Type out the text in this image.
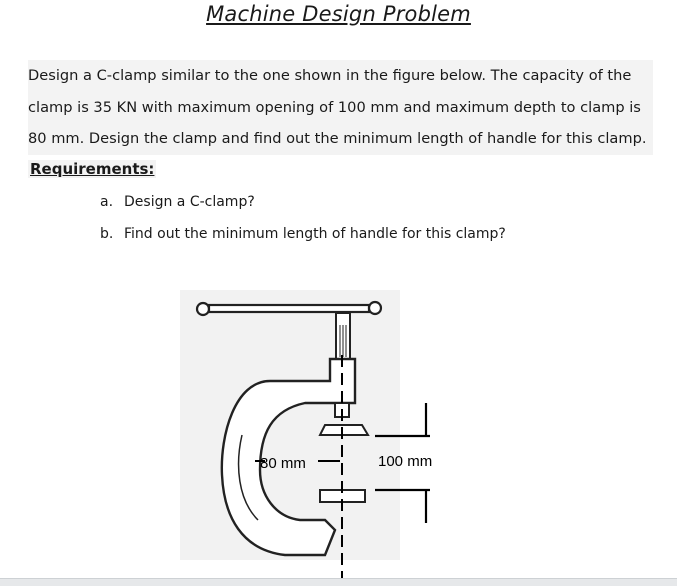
Machine Design Problem
Design a C-clamp similar to the one shown in the figure below. The capacity of the
clamp is 35 KN with maximum opening of 100 mm and maximum depth to clamp is
80 mm. Design the clamp and find out the minimum length of handle for this clamp.
Requirements:
a. Design a C-clamp?
b. Find out the minimum length of handle for this clamp?
100 mm
80 mm
